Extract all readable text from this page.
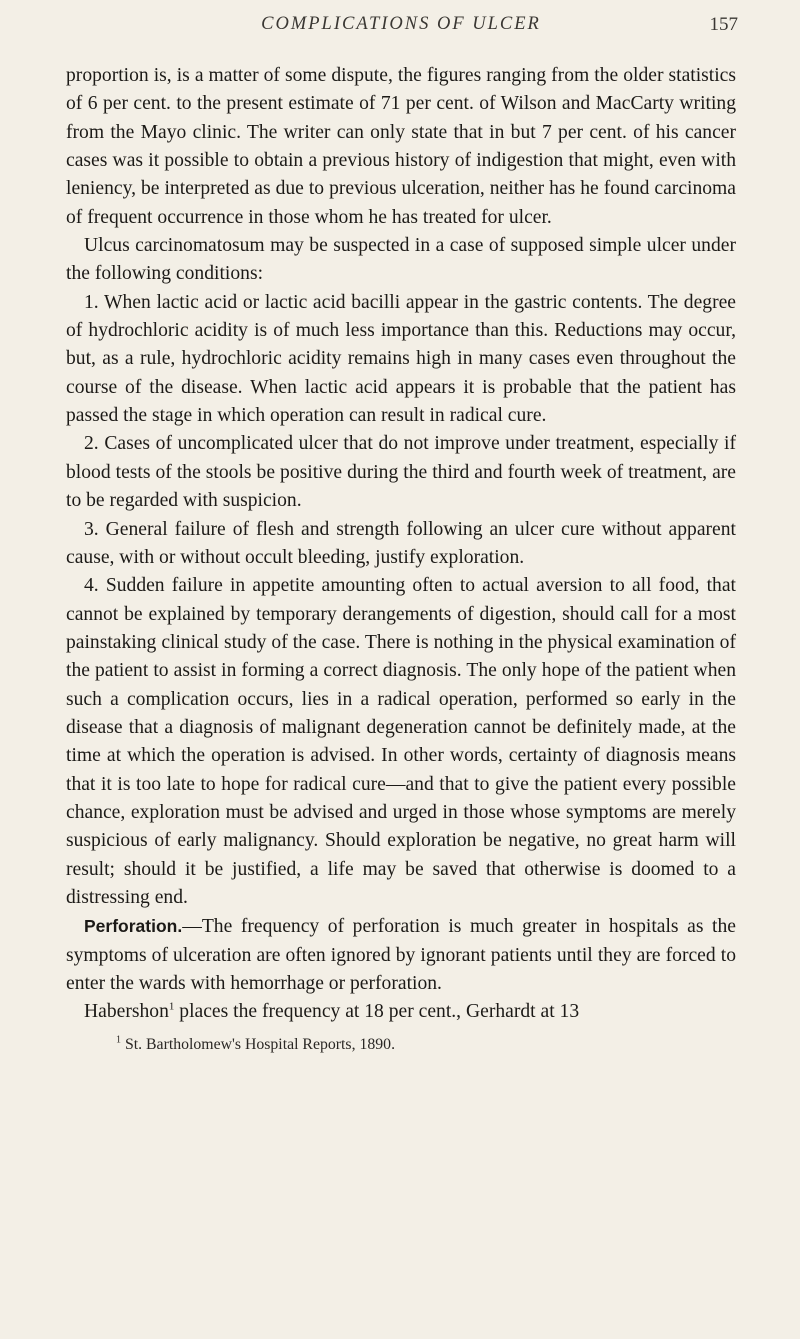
COMPLICATIONS OF ULCER	157

proportion is, is a matter of some dispute, the figures ranging from the older statistics of 6 per cent. to the present estimate of 71 per cent. of Wilson and MacCarty writing from the Mayo clinic. The writer can only state that in but 7 per cent. of his cancer cases was it possible to obtain a previous history of indigestion that might, even with leniency, be interpreted as due to previous ulceration, neither has he found carcinoma of frequent occurrence in those whom he has treated for ulcer.

Ulcus carcinomatosum may be suspected in a case of supposed simple ulcer under the following conditions:

1. When lactic acid or lactic acid bacilli appear in the gastric contents. The degree of hydrochloric acidity is of much less importance than this. Reductions may occur, but, as a rule, hydrochloric acidity remains high in many cases even throughout the course of the disease. When lactic acid appears it is probable that the patient has passed the stage in which operation can result in radical cure.

2. Cases of uncomplicated ulcer that do not improve under treatment, especially if blood tests of the stools be positive during the third and fourth week of treatment, are to be regarded with suspicion.

3. General failure of flesh and strength following an ulcer cure without apparent cause, with or without occult bleeding, justify exploration.

4. Sudden failure in appetite amounting often to actual aversion to all food, that cannot be explained by temporary derangements of digestion, should call for a most painstaking clinical study of the case. There is nothing in the physical examination of the patient to assist in forming a correct diagnosis. The only hope of the patient when such a complication occurs, lies in a radical operation, performed so early in the disease that a diagnosis of malignant degeneration cannot be definitely made, at the time at which the operation is advised. In other words, certainty of diagnosis means that it is too late to hope for radical cure—and that to give the patient every possible chance, exploration must be advised and urged in those whose symptoms are merely suspicious of early malignancy. Should exploration be negative, no great harm will result; should it be justified, a life may be saved that otherwise is doomed to a distressing end.

Perforation.—The frequency of perforation is much greater in hospitals as the symptoms of ulceration are often ignored by ignorant patients until they are forced to enter the wards with hemorrhage or perforation.

Habershon$^1$ places the frequency at 18 per cent., Gerhardt at 13

$^1$ St. Bartholomew's Hospital Reports, 1890.
